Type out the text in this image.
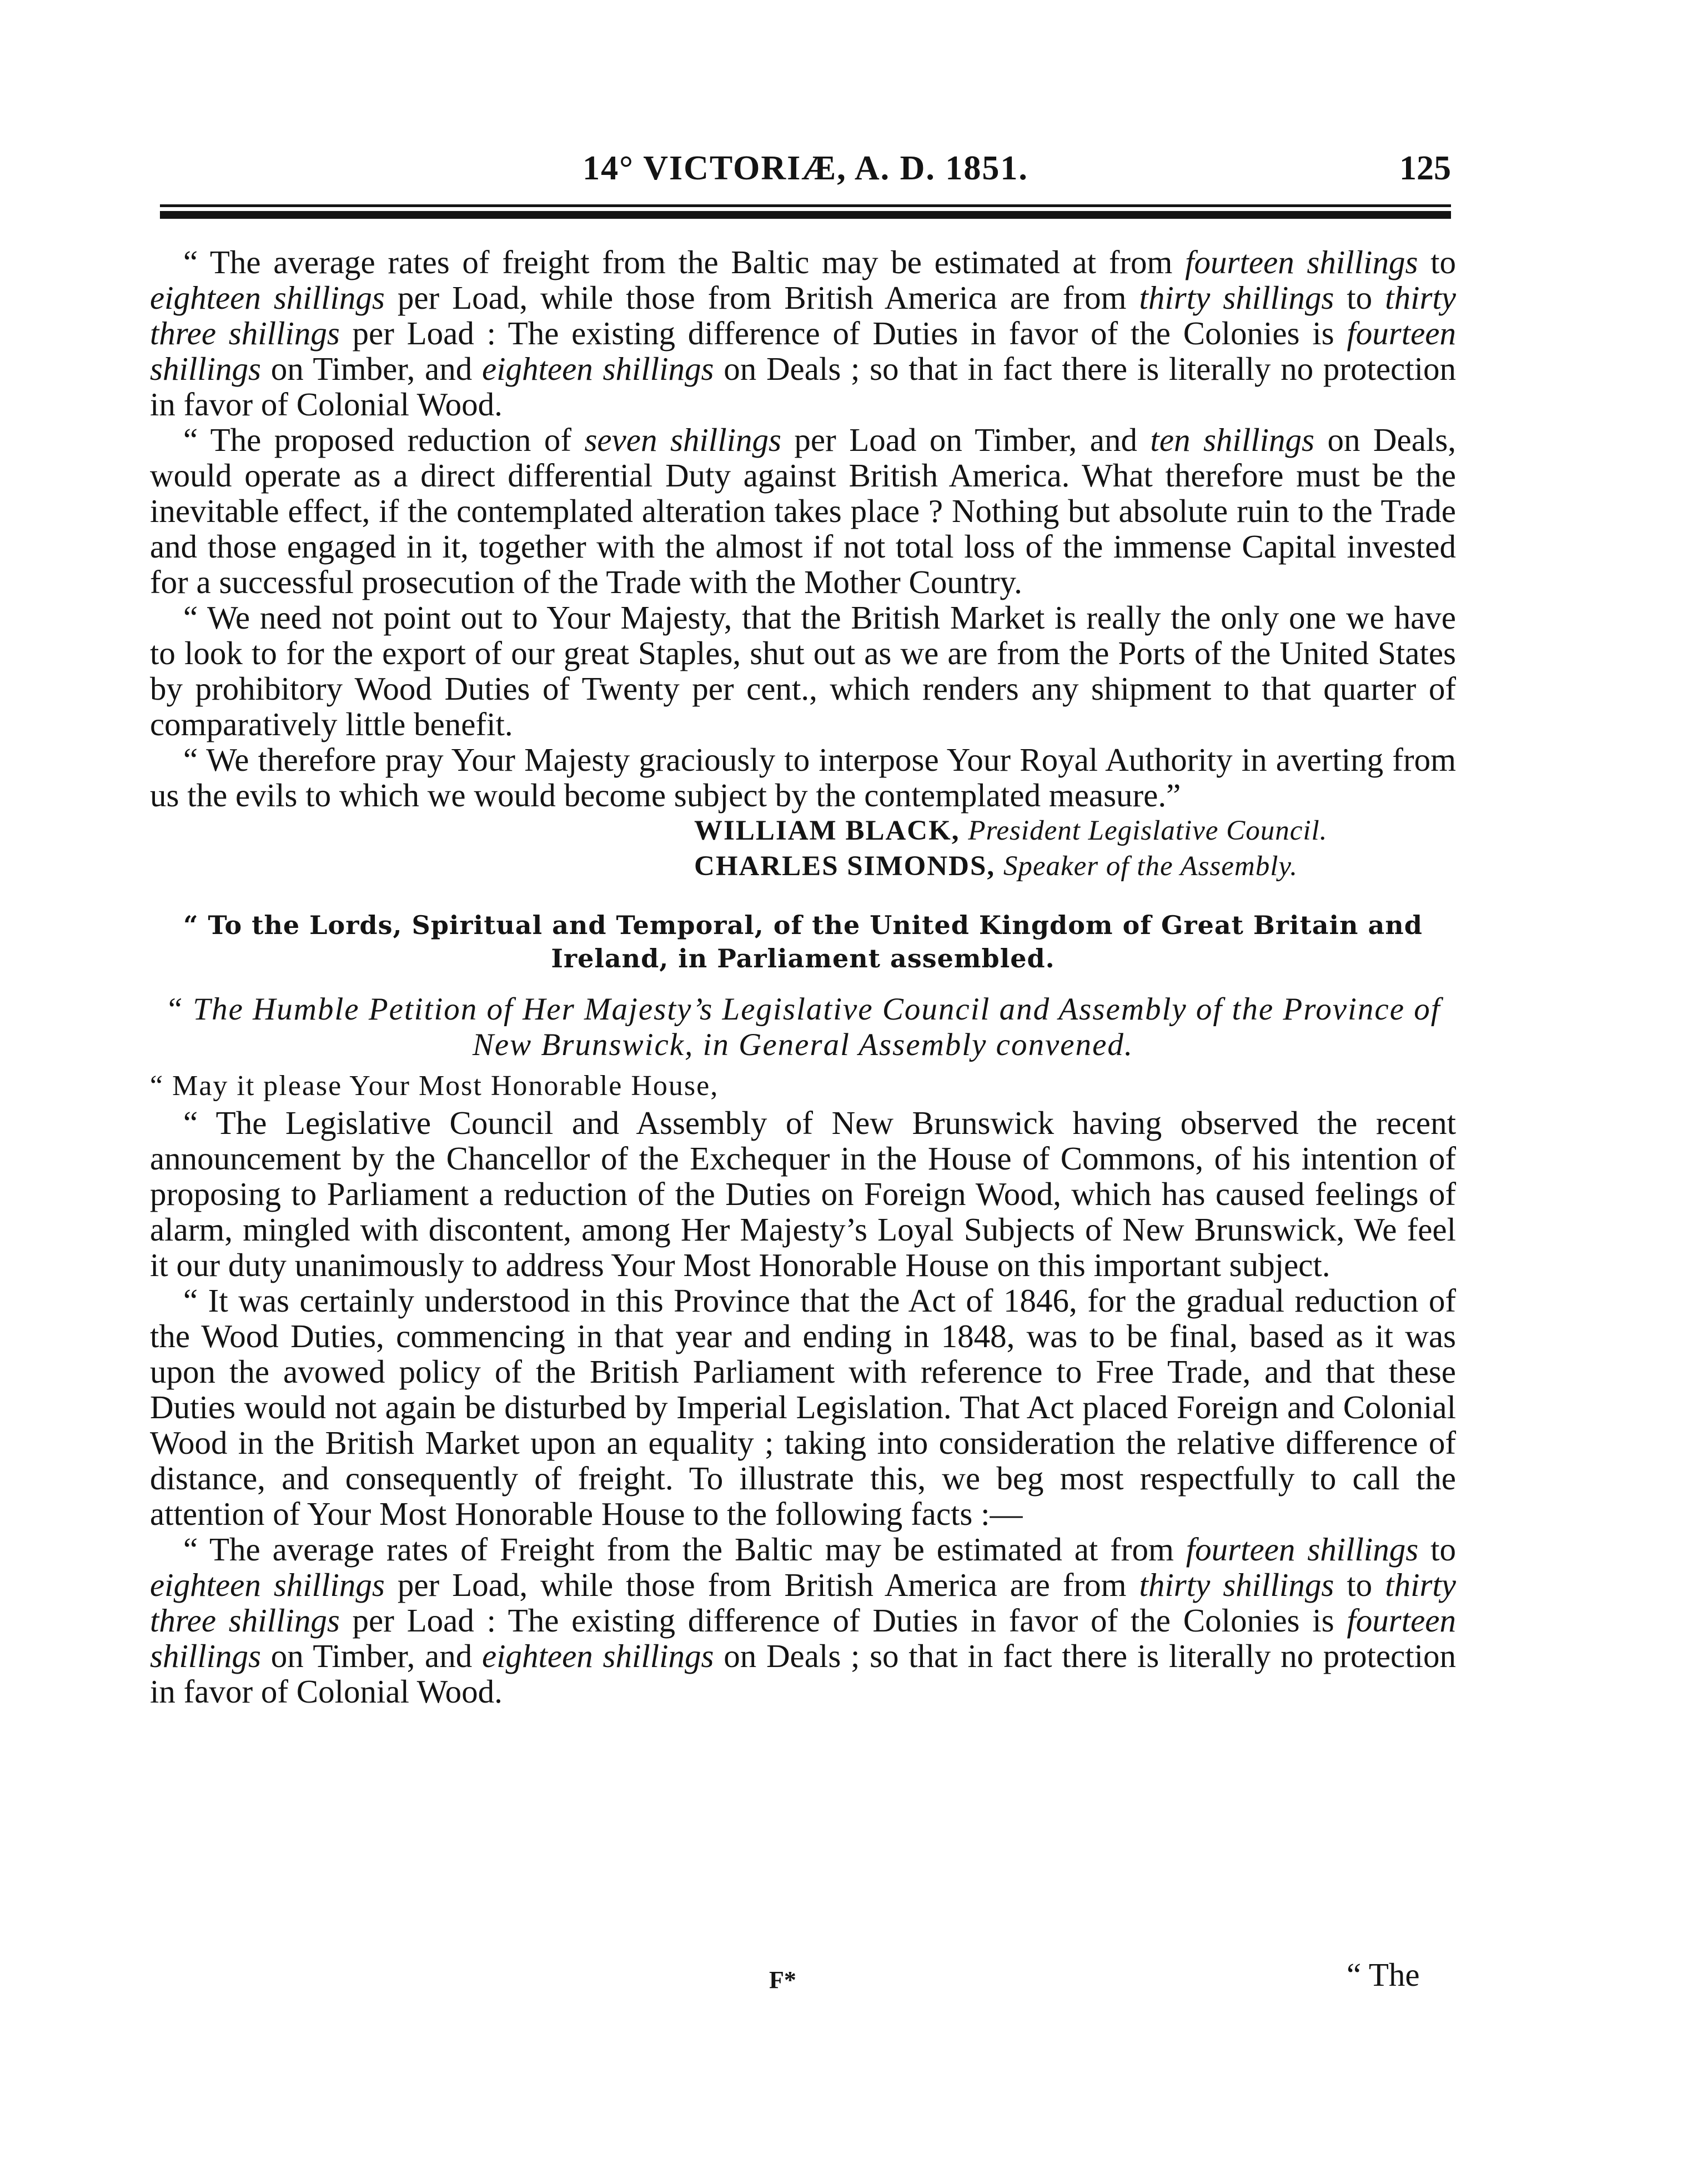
14° VICTORIÆ, A. D. 1851.	125

“ The average rates of freight from the Baltic may be estimated at from fourteen shillings to eighteen shillings per Load, while those from British America are from thirty shillings to thirty three shillings per Load : The existing difference of Duties in favor of the Colonies is fourteen shillings on Timber, and eighteen shillings on Deals ; so that in fact there is literally no protection in favor of Colonial Wood.

“ The proposed reduction of seven shillings per Load on Timber, and ten shillings on Deals, would operate as a direct differential Duty against British America. What therefore must be the inevitable effect, if the contemplated alteration takes place ? Nothing but absolute ruin to the Trade and those engaged in it, together with the almost if not total loss of the immense Capital invested for a successful prosecution of the Trade with the Mother Country.

“ We need not point out to Your Majesty, that the British Market is really the only one we have to look to for the export of our great Staples, shut out as we are from the Ports of the United States by prohibitory Wood Duties of Twenty per cent., which renders any shipment to that quarter of comparatively little benefit.

“ We therefore pray Your Majesty graciously to interpose Your Royal Authority in averting from us the evils to which we would become subject by the contemplated measure.”

WILLIAM BLACK, President Legislative Council.
CHARLES SIMONDS, Speaker of the Assembly.
“ To the Lords, Spiritual and Temporal, of the United Kingdom of Great Britain and Ireland, in Parliament assembled.
“ The Humble Petition of Her Majesty’s Legislative Council and Assembly of the Province of New Brunswick, in General Assembly convened.
“ May it please Your Most Honorable House,

“ The Legislative Council and Assembly of New Brunswick having observed the recent announcement by the Chancellor of the Exchequer in the House of Commons, of his intention of proposing to Parliament a reduction of the Duties on Foreign Wood, which has caused feelings of alarm, mingled with discontent, among Her Majesty’s Loyal Subjects of New Brunswick, We feel it our duty unanimously to address Your Most Honorable House on this important subject.

“ It was certainly understood in this Province that the Act of 1846, for the gradual reduction of the Wood Duties, commencing in that year and ending in 1848, was to be final, based as it was upon the avowed policy of the British Parliament with reference to Free Trade, and that these Duties would not again be disturbed by Imperial Legislation. That Act placed Foreign and Colonial Wood in the British Market upon an equality ; taking into consideration the relative difference of distance, and consequently of freight. To illustrate this, we beg most respectfully to call the attention of Your Most Honorable House to the following facts :—

“ The average rates of Freight from the Baltic may be estimated at from fourteen shillings to eighteen shillings per Load, while those from British America are from thirty shillings to thirty three shillings per Load : The existing difference of Duties in favor of the Colonies is fourteen shillings on Timber, and eighteen shillings on Deals ; so that in fact there is literally no protection in favor of Colonial Wood.

F*	“ The
